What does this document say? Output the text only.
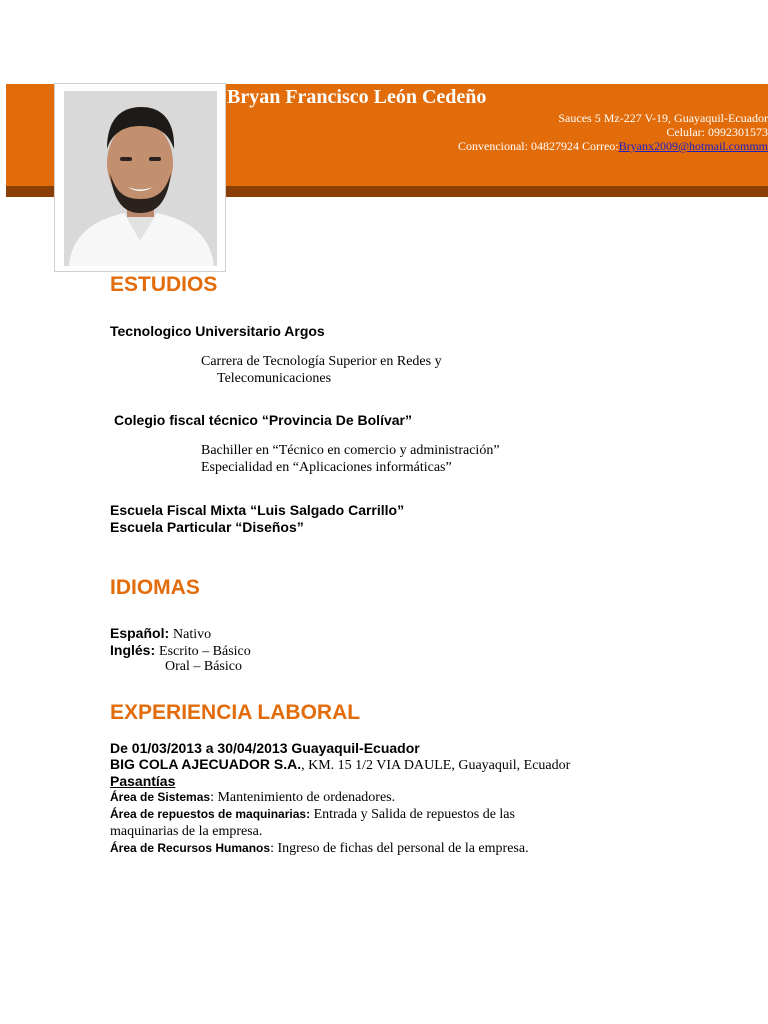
Bryan Francisco León Cedeño
Sauces 5 Mz-227 V-19, Guayaquil-Ecuador
Celular: 0992301573
Convencional: 04827924 Correo:Bryanx2009@hotmail.commm
ESTUDIOS
Tecnologico Universitario Argos
Carrera de Tecnología Superior en Redes y
Telecomunicaciones
Colegio fiscal técnico “Provincia De Bolívar”
Bachiller en “Técnico en comercio y administración”
Especialidad en “Aplicaciones informáticas”
Escuela Fiscal Mixta “Luis Salgado Carrillo”
Escuela Particular “Diseños”
IDIOMAS
Español: Nativo
Inglés: Escrito – Básico
Oral – Básico
EXPERIENCIA LABORAL
De 01/03/2013 a 30/04/2013 Guayaquil-Ecuador
BIG COLA AJECUADOR S.A., KM. 15 1/2 VIA DAULE, Guayaquil, Ecuador
Pasantías
Área de Sistemas: Mantenimiento de ordenadores.
Área de repuestos de maquinarias: Entrada y Salida de repuestos de las
maquinarias de la empresa.
Área de Recursos Humanos: Ingreso de fichas del personal de la empresa.
